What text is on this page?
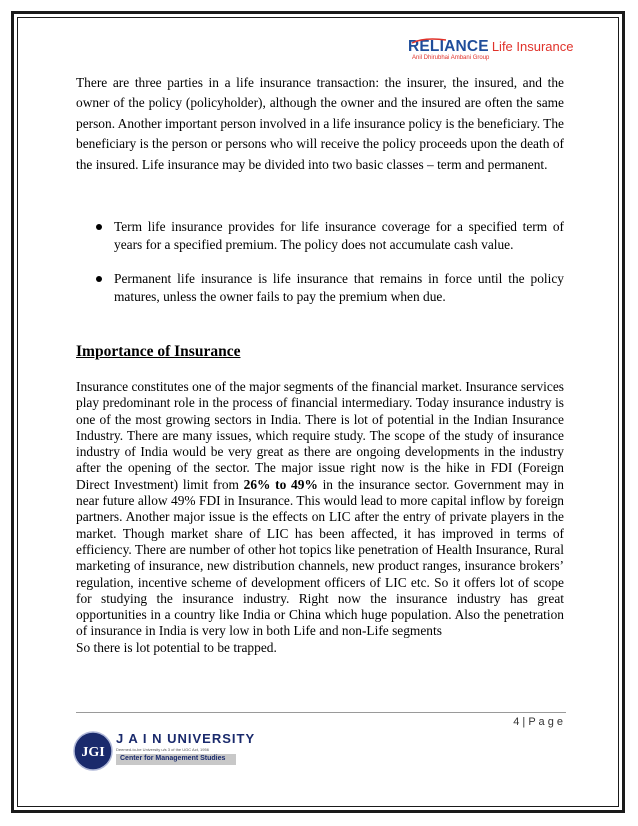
RELIANCE Life Insurance
Anil Dhirubhai Ambani Group

There are three parties in a life insurance transaction: the insurer, the insured, and the owner of the policy (policyholder), although the owner and the insured are often the same person. Another important person involved in a life insurance policy is the beneficiary. The beneficiary is the person or persons who will receive the policy proceeds upon the death of the insured. Life insurance may be divided into two basic classes – term and permanent.

Term life insurance provides for life insurance coverage for a specified term of years for a specified premium. The policy does not accumulate cash value.
Permanent life insurance is life insurance that remains in force until the policy matures, unless the owner fails to pay the premium when due.
Importance of Insurance

Insurance constitutes one of the major segments of the financial market. Insurance services play predominant role in the process of financial intermediary. Today insurance industry is one of the most growing sectors in India. There is lot of potential in the Indian Insurance Industry. There are many issues, which require study. The scope of the study of insurance industry of India would be very great as there are ongoing developments in the industry after the opening of the sector. The major issue right now is the hike in FDI (Foreign Direct Investment) limit from 26% to 49% in the insurance sector. Government may in near future allow 49% FDI in Insurance. This would lead to more capital inflow by foreign partners. Another major issue is the effects on LIC after the entry of private players in the market. Though market share of LIC has been affected, it has improved in terms of efficiency. There are number of other hot topics like penetration of Health Insurance, Rural marketing of insurance, new distribution channels, new product ranges, insurance brokers’ regulation, incentive scheme of development officers of LIC etc. So it offers lot of scope for studying the insurance industry. Right now the insurance industry has great opportunities in a country like India or China which huge population. Also the penetration of insurance in India is very low in both Life and non-Life segments
So there is lot potential to be trapped.

4 | P a g e
JGI
J A I N UNIVERSITY
Deemed-to-be University u/s 3 of the UGC Act, 1956
Center for Management Studies
